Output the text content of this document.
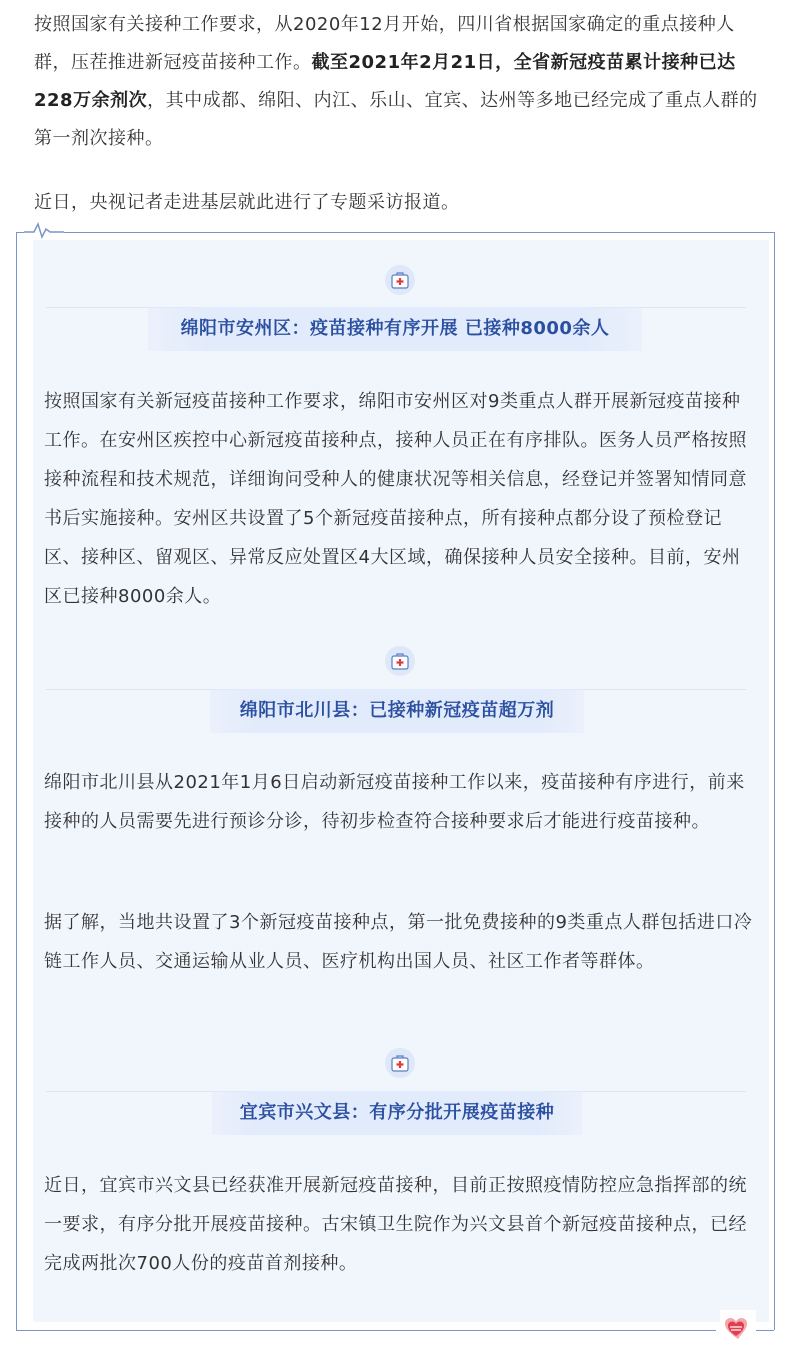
按照国家有关接种工作要求，从2020年12月开始，四川省根据国家确定的重点接种人群，压茬推进新冠疫苗接种工作。截至2021年2月21日，全省新冠疫苗累计接种已达228万余剂次，其中成都、绵阳、内江、乐山、宜宾、达州等多地已经完成了重点人群的第一剂次接种。

近日，央视记者走进基层就此进行了专题采访报道。

绵阳市安州区：疫苗接种有序开展 已接种8000余人

按照国家有关新冠疫苗接种工作要求，绵阳市安州区对9类重点人群开展新冠疫苗接种工作。在安州区疾控中心新冠疫苗接种点，接种人员正在有序排队。医务人员严格按照接种流程和技术规范，详细询问受种人的健康状况等相关信息，经登记并签署知情同意书后实施接种。安州区共设置了5个新冠疫苗接种点，所有接种点都分设了预检登记区、接种区、留观区、异常反应处置区4大区域，确保接种人员安全接种。目前，安州区已接种8000余人。

绵阳市北川县：已接种新冠疫苗超万剂

绵阳市北川县从2021年1月6日启动新冠疫苗接种工作以来，疫苗接种有序进行，前来接种的人员需要先进行预诊分诊，待初步检查符合接种要求后才能进行疫苗接种。

据了解，当地共设置了3个新冠疫苗接种点，第一批免费接种的9类重点人群包括进口冷链工作人员、交通运输从业人员、医疗机构出国人员、社区工作者等群体。

宜宾市兴文县：有序分批开展疫苗接种

近日，宜宾市兴文县已经获准开展新冠疫苗接种，目前正按照疫情防控应急指挥部的统一要求，有序分批开展疫苗接种。古宋镇卫生院作为兴文县首个新冠疫苗接种点，已经完成两批次700人份的疫苗首剂接种。
